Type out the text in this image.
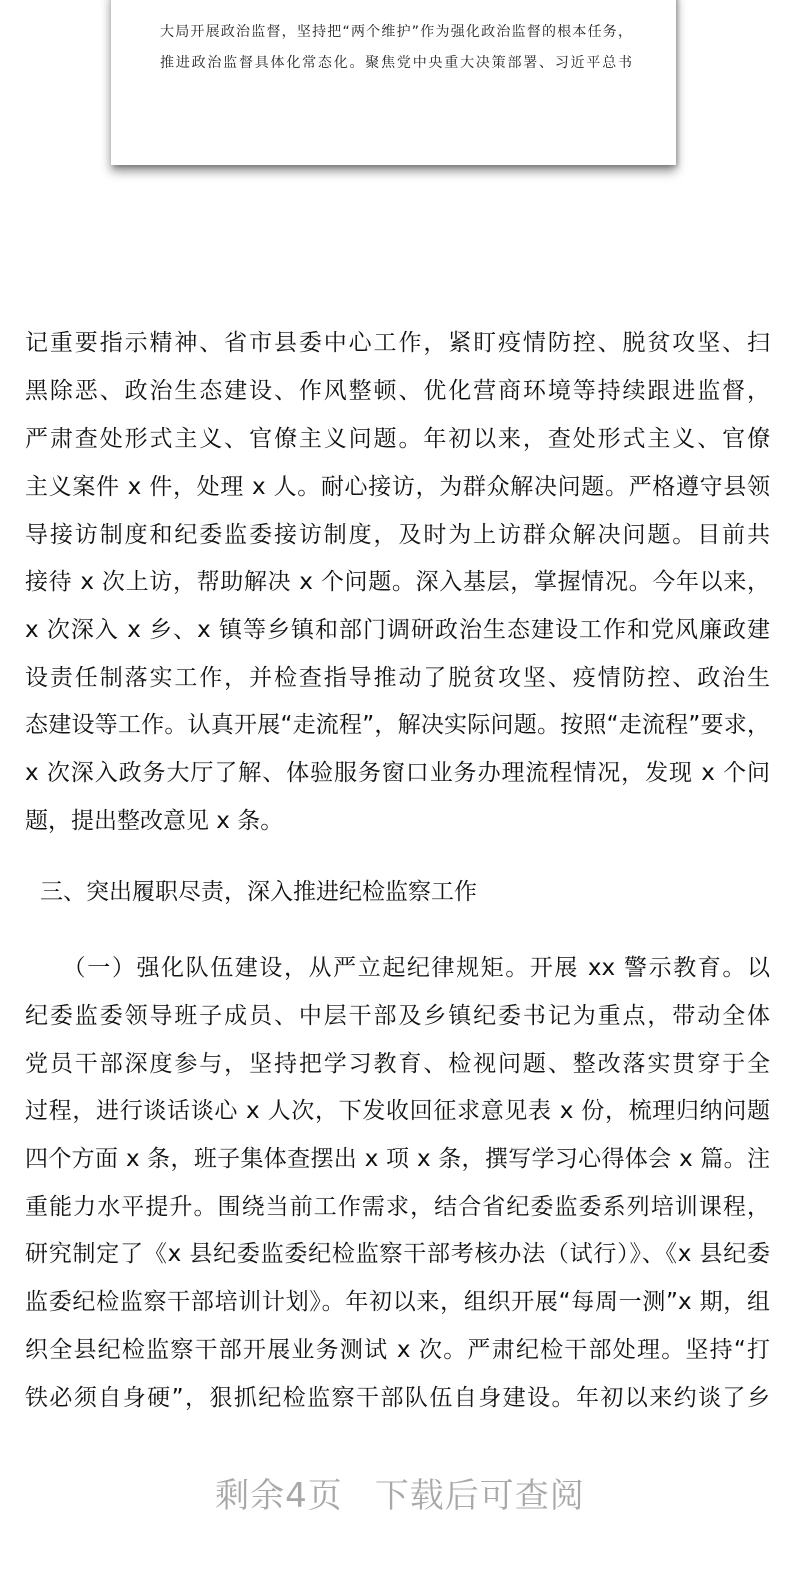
大局开展政治监督，坚持把“两个维护”作为强化政治监督的根本任务，
推进政治监督具体化常态化。聚焦党中央重大决策部署、习近平总书
记重要指示精神、省市县委中心工作，紧盯疫情防控、脱贫攻坚、扫
黑除恶、政治生态建设、作风整顿、优化营商环境等持续跟进监督，
严肃查处形式主义、官僚主义问题。年初以来，查处形式主义、官僚
主义案件 x 件，处理 x 人。耐心接访，为群众解决问题。严格遵守县领
导接访制度和纪委监委接访制度，及时为上访群众解决问题。目前共
接待 x 次上访，帮助解决 x 个问题。深入基层，掌握情况。今年以来，
x 次深入 x 乡、x 镇等乡镇和部门调研政治生态建设工作和党风廉政建
设责任制落实工作，并检查指导推动了脱贫攻坚、疫情防控、政治生
态建设等工作。认真开展“走流程”，解决实际问题。按照“走流程”要求，
x 次深入政务大厅了解、体验服务窗口业务办理流程情况，发现 x 个问
题，提出整改意见 x 条。
三、突出履职尽责，深入推进纪检监察工作
　　（一）强化队伍建设，从严立起纪律规矩。开展 xx 警示教育。以
纪委监委领导班子成员、中层干部及乡镇纪委书记为重点，带动全体
党员干部深度参与，坚持把学习教育、检视问题、整改落实贯穿于全
过程，进行谈话谈心 x 人次，下发收回征求意见表 x 份，梳理归纳问题
四个方面 x 条，班子集体查摆出 x 项 x 条，撰写学习心得体会 x 篇。注
重能力水平提升。围绕当前工作需求，结合省纪委监委系列培训课程，
研究制定了《x 县纪委监委纪检监察干部考核办法（试行）》、《x 县纪委
监委纪检监察干部培训计划》。年初以来，组织开展“每周一测”x 期，组
织全县纪检监察干部开展业务测试 x 次。严肃纪检干部处理。坚持“打
铁必须自身硬”，狠抓纪检监察干部队伍自身建设。年初以来约谈了乡
剩余4页 下载后可查阅
